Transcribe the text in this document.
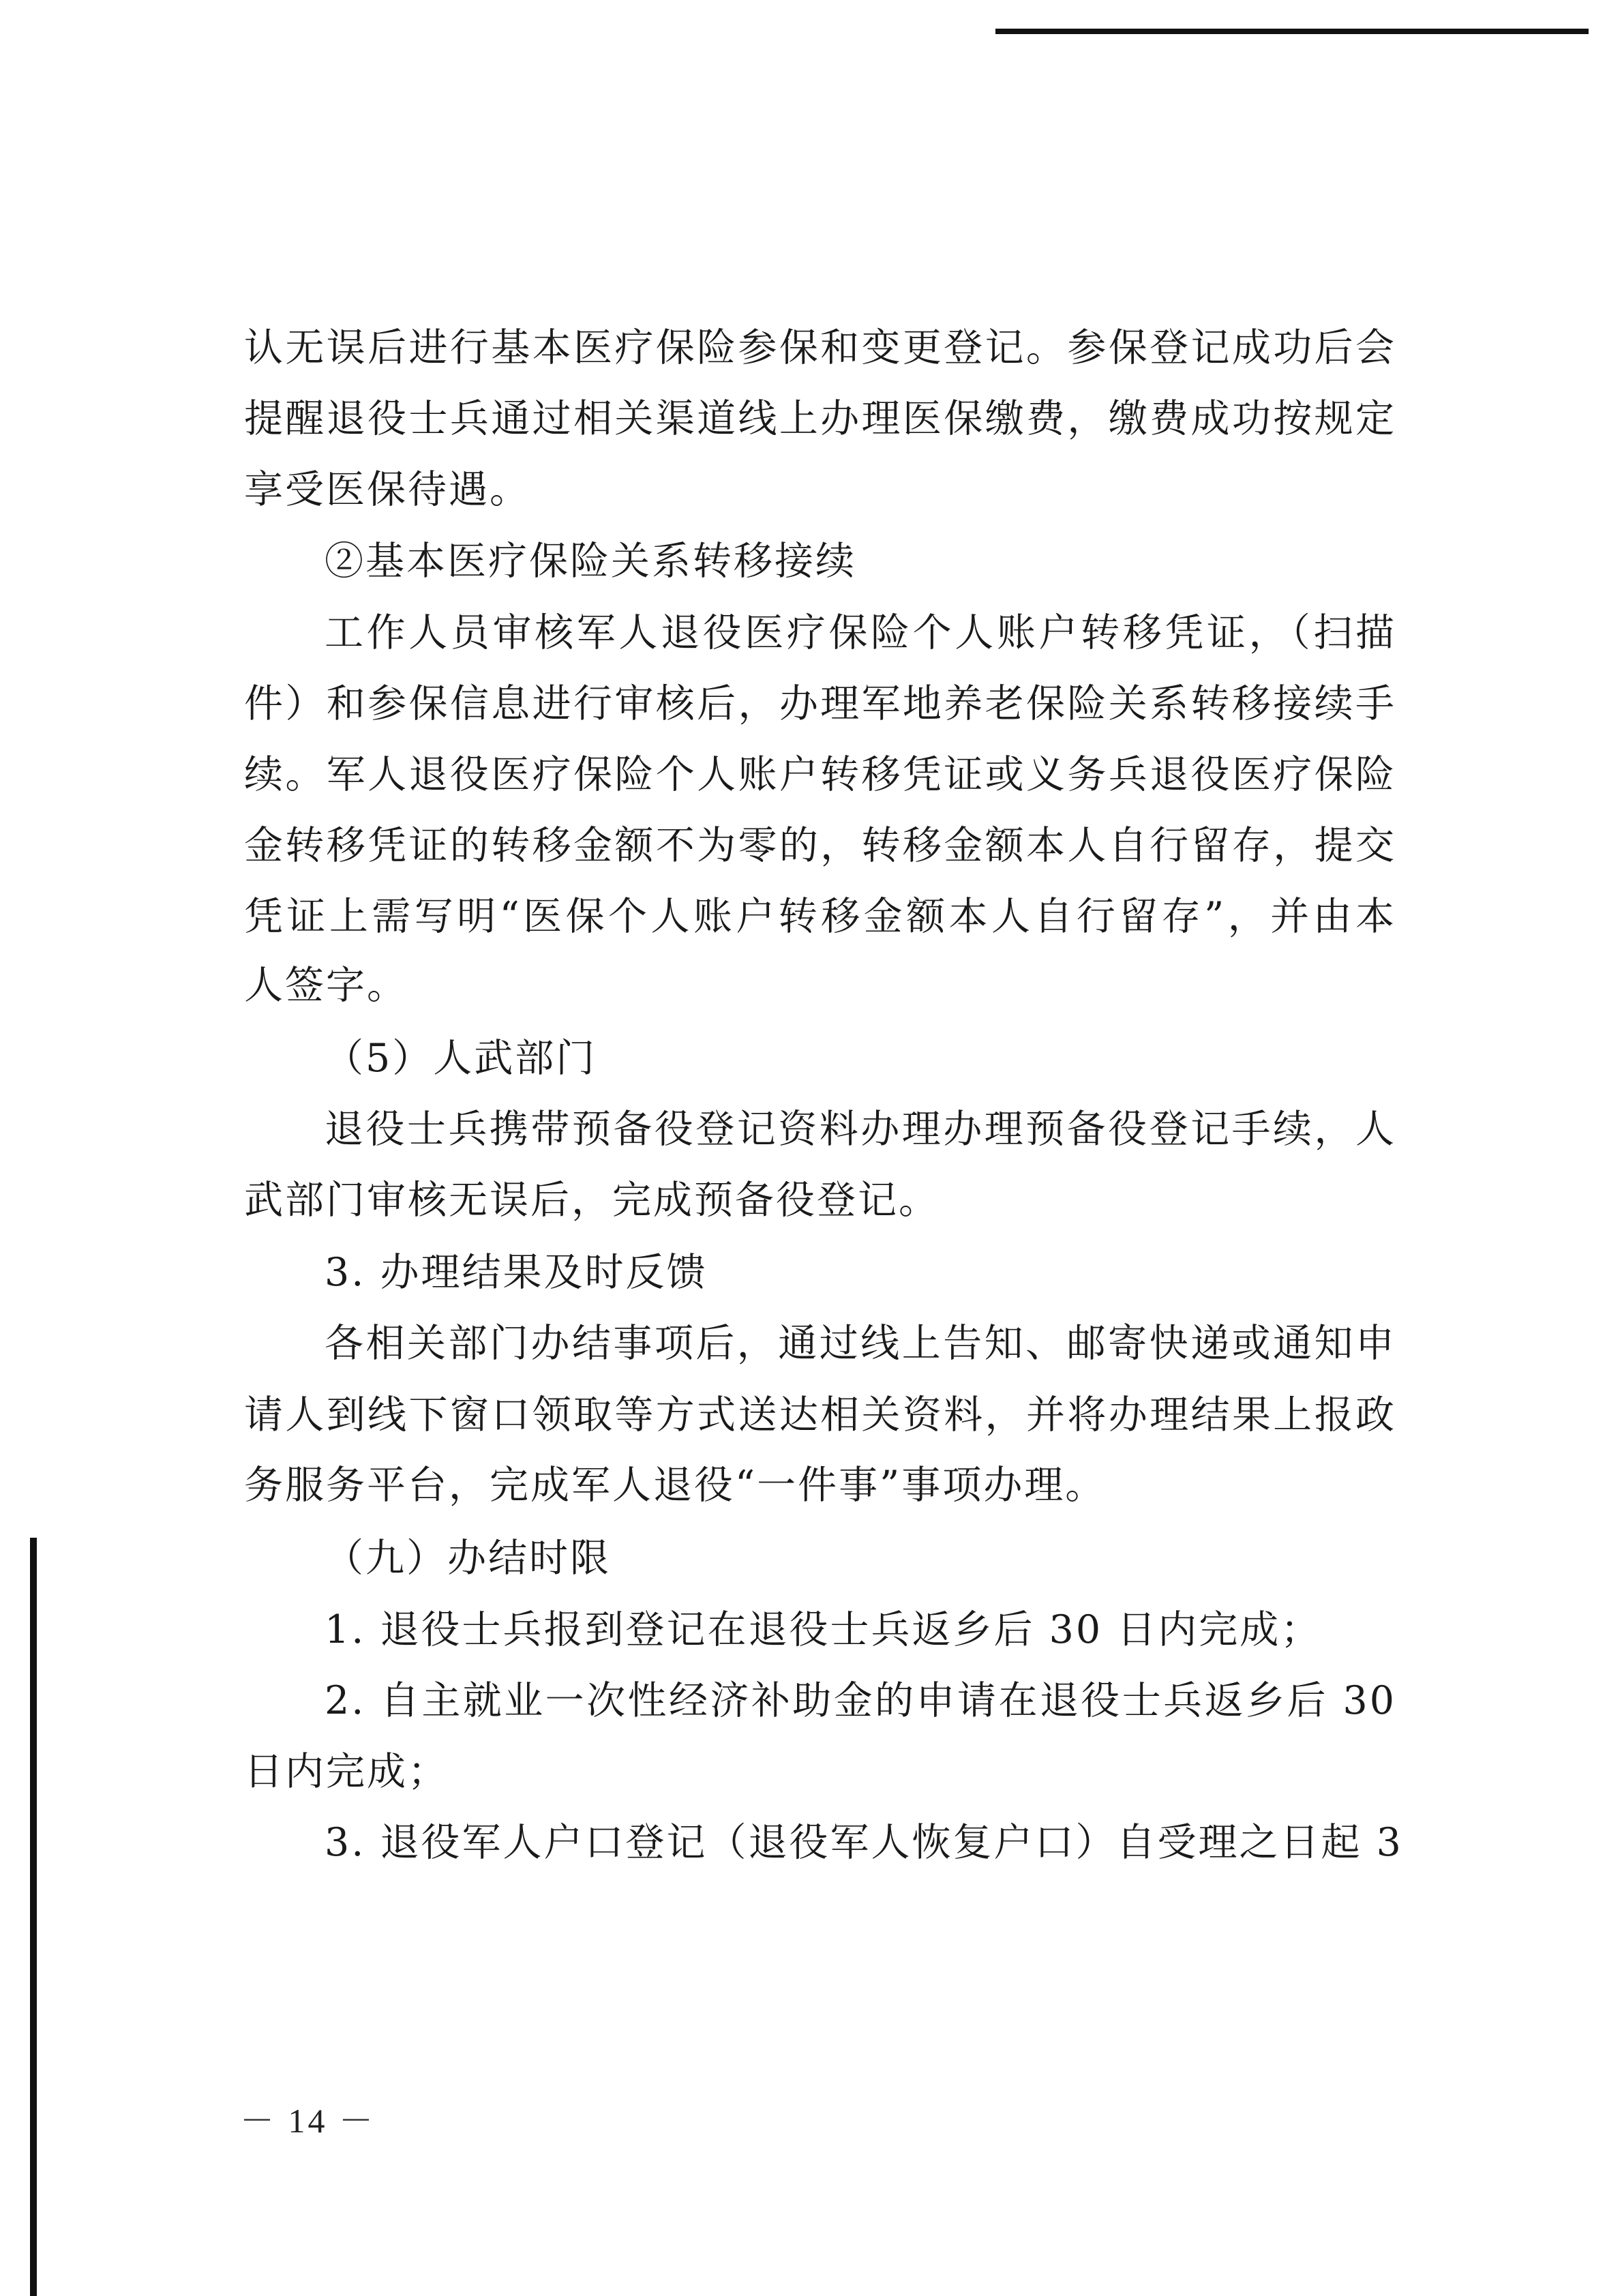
认无误后进行基本医疗保险参保和变更登记。参保登记成功后会
提醒退役士兵通过相关渠道线上办理医保缴费，缴费成功按规定
享受医保待遇。
②基本医疗保险关系转移接续
工作人员审核军人退役医疗保险个人账户转移凭证，（扫描
件）和参保信息进行审核后，办理军地养老保险关系转移接续手
续。军人退役医疗保险个人账户转移凭证或义务兵退役医疗保险
金转移凭证的转移金额不为零的，转移金额本人自行留存，提交
凭证上需写明“医保个人账户转移金额本人自行留存”，并由本
人签字。
（5）人武部门
退役士兵携带预备役登记资料办理办理预备役登记手续，人
武部门审核无误后，完成预备役登记。
3. 办理结果及时反馈
各相关部门办结事项后，通过线上告知、邮寄快递或通知申
请人到线下窗口领取等方式送达相关资料，并将办理结果上报政
务服务平台，完成军人退役“一件事”事项办理。
（九）办结时限
1. 退役士兵报到登记在退役士兵返乡后 30 日内完成；
2. 自主就业一次性经济补助金的申请在退役士兵返乡后 30
日内完成；
3. 退役军人户口登记（退役军人恢复户口）自受理之日起 3
－ 14 －
